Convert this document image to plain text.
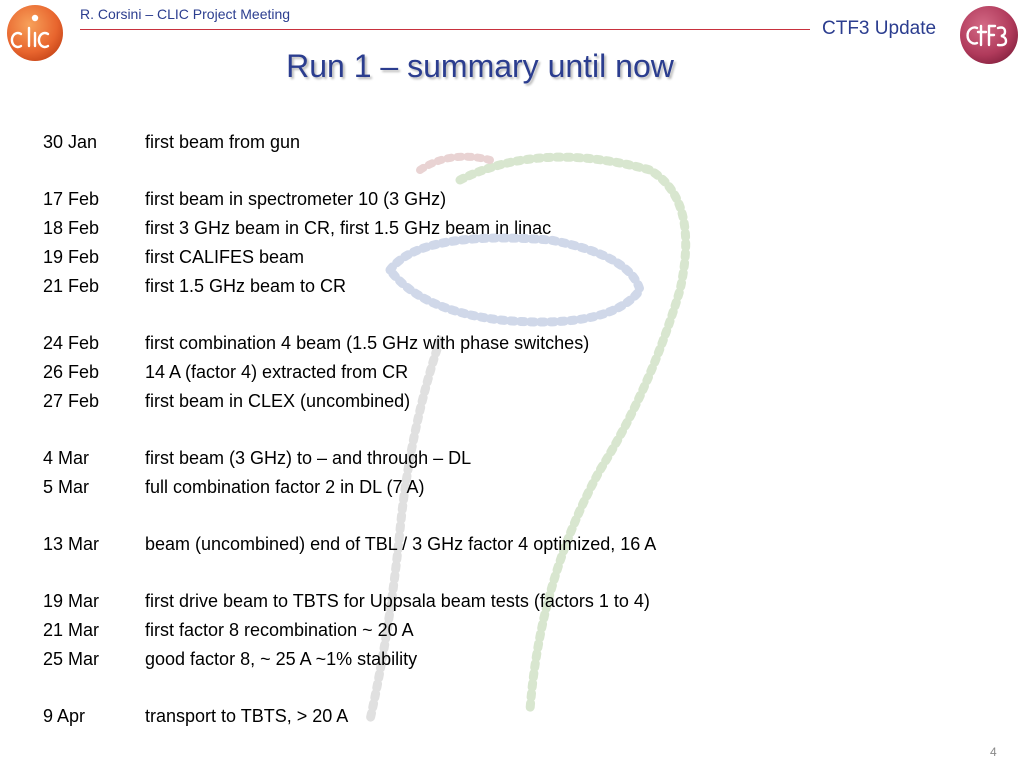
R. Corsini – CLIC Project Meeting
CTF3 Update
Run 1 – summary until now
30 Jan	first beam from gun
17 Feb	first beam in spectrometer 10 (3 GHz)
18 Feb	first 3 GHz beam in CR, first 1.5 GHz beam in linac
19 Feb	first CALIFES beam
21 Feb	first 1.5 GHz beam to CR
24 Feb	first combination 4 beam (1.5 GHz with phase switches)
26 Feb	14 A (factor 4) extracted from CR
27 Feb	first beam in CLEX (uncombined)
4 Mar	first beam (3 GHz) to – and through – DL
5 Mar	full combination factor 2 in DL (7 A)
13 Mar	beam (uncombined) end of TBL / 3 GHz factor 4 optimized, 16 A
19 Mar	first drive beam to TBTS for Uppsala beam tests (factors 1 to 4)
21 Mar	first factor 8 recombination ~ 20 A
25 Mar	good factor 8, ~ 25 A ~1% stability
9 Apr	transport to TBTS, > 20 A
4
